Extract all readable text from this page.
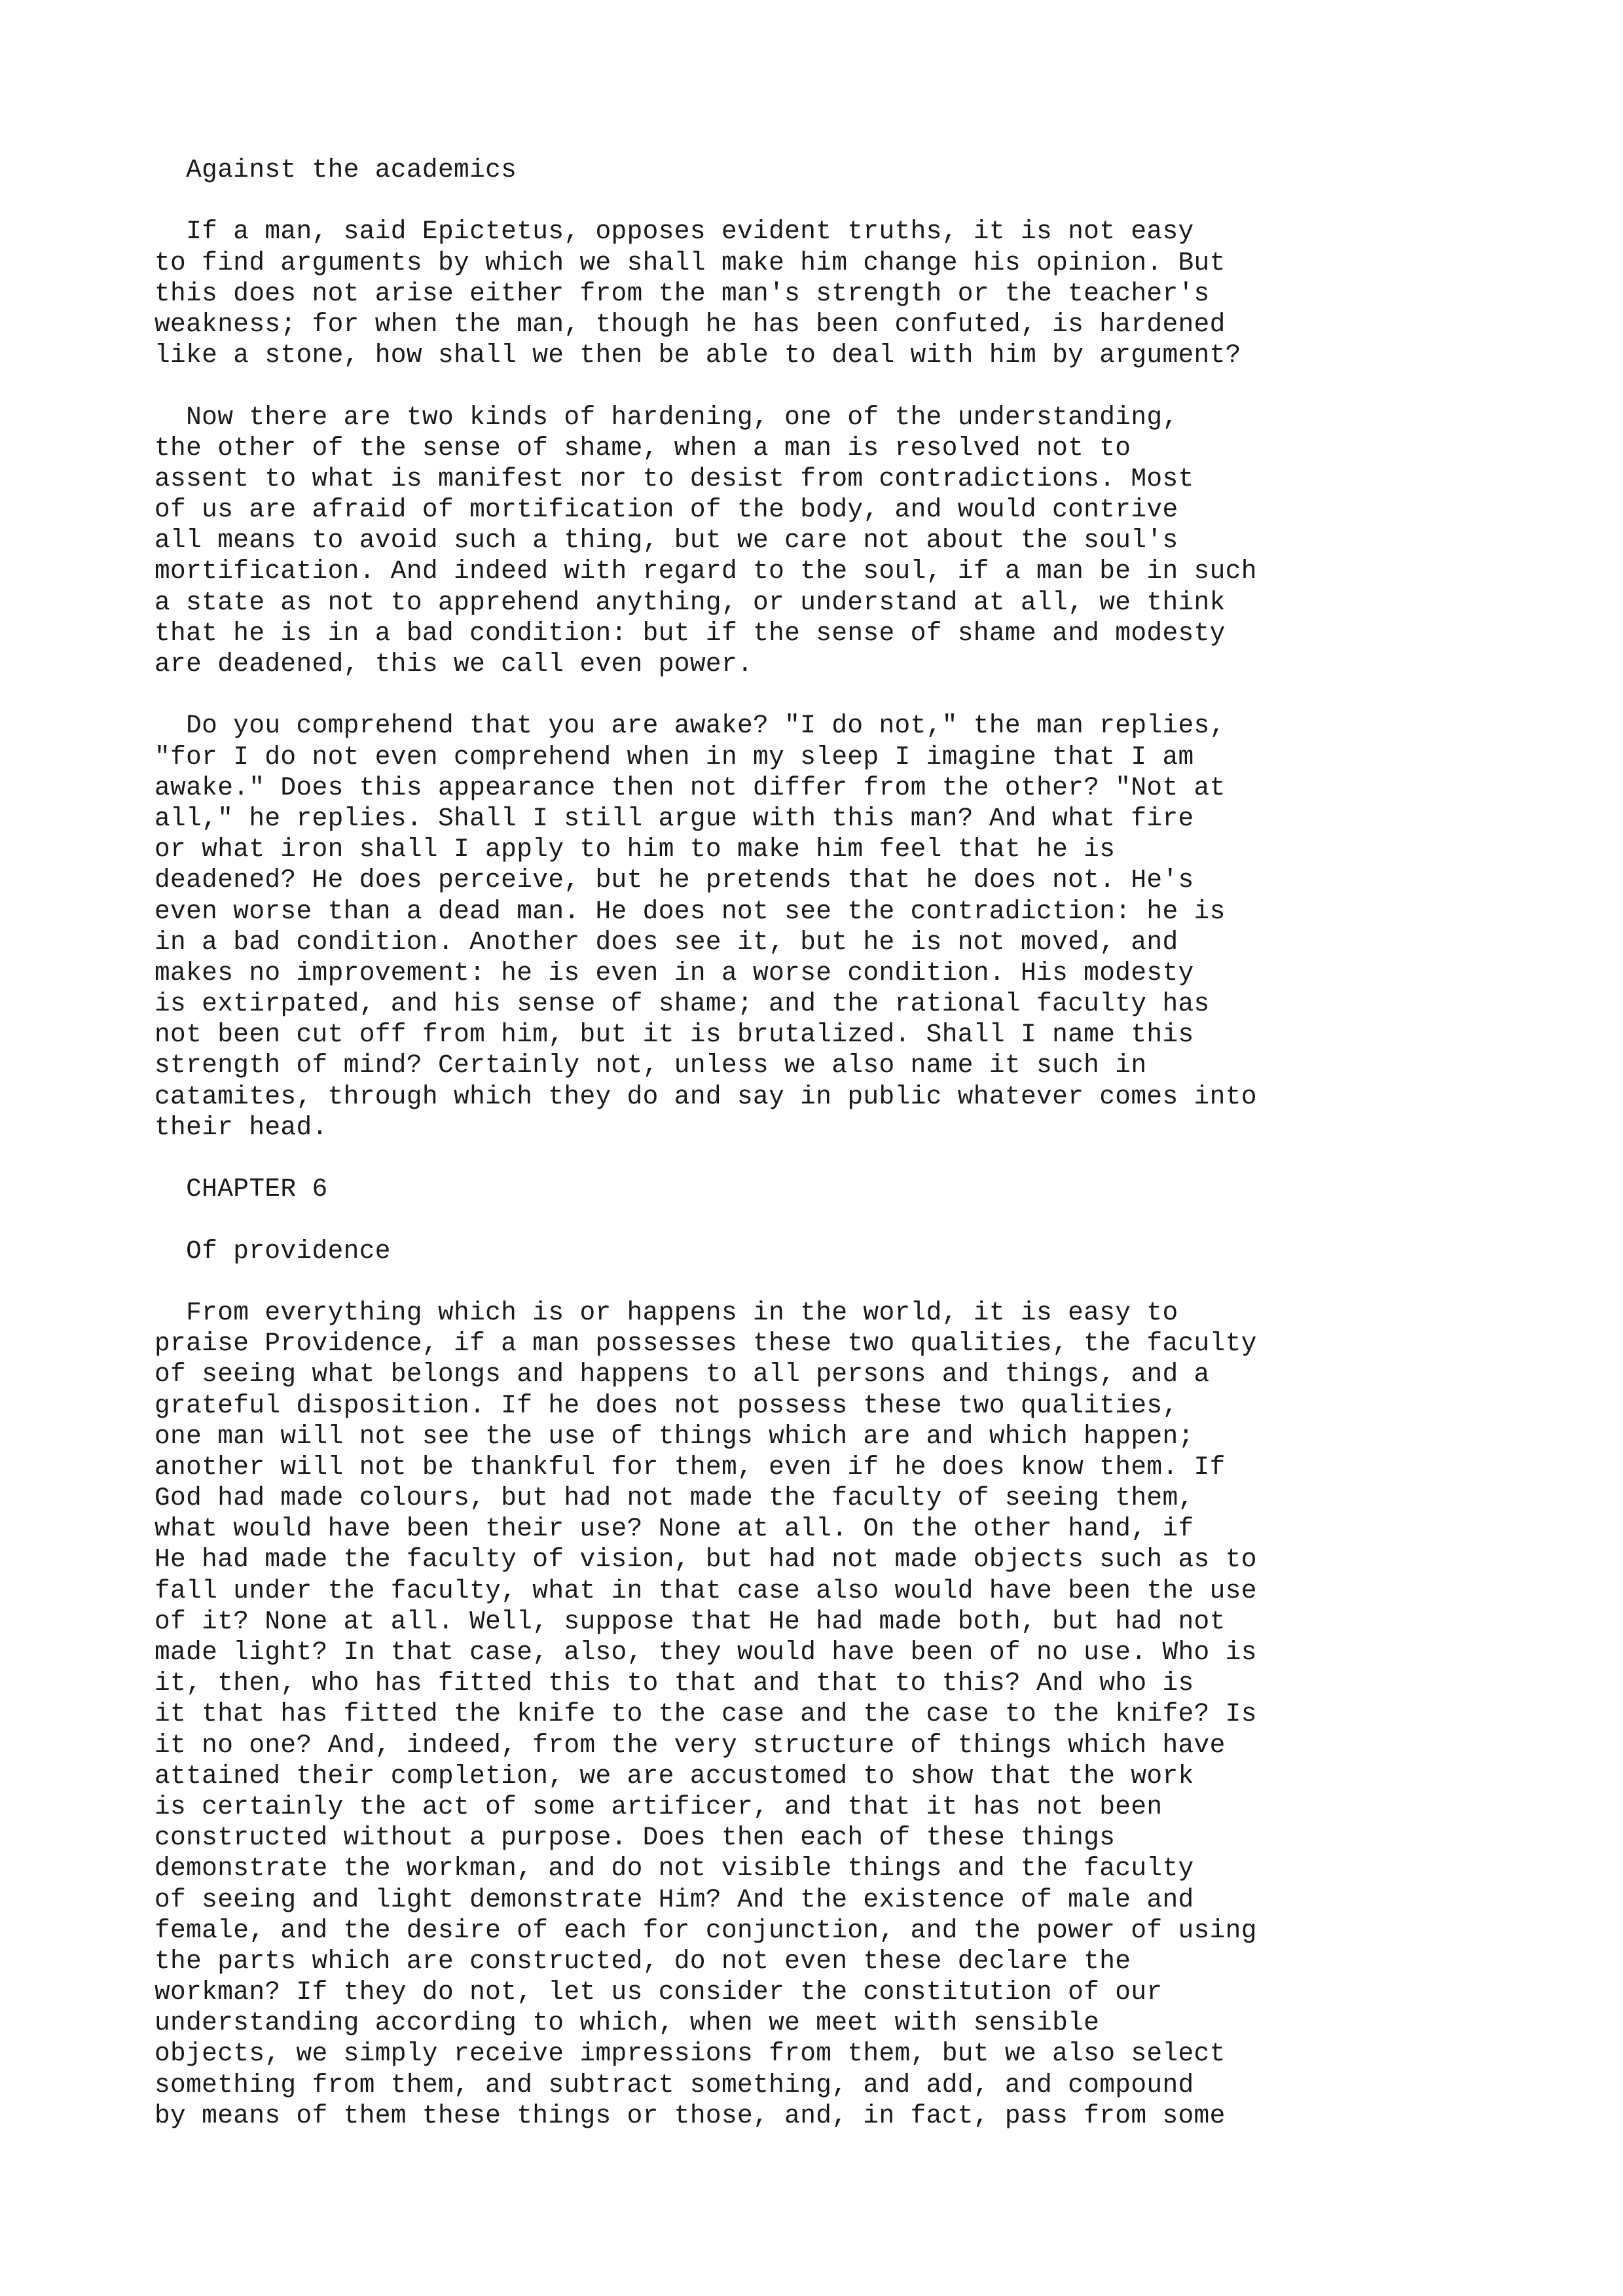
Against the academics
If a man, said Epictetus, opposes evident truths, it is not easy
to find arguments by which we shall make him change his opinion. But
this does not arise either from the man's strength or the teacher's
weakness; for when the man, though he has been confuted, is hardened
like a stone, how shall we then be able to deal with him by argument?
Now there are two kinds of hardening, one of the understanding,
the other of the sense of shame, when a man is resolved not to
assent to what is manifest nor to desist from contradictions. Most
of us are afraid of mortification of the body, and would contrive
all means to avoid such a thing, but we care not about the soul's
mortification. And indeed with regard to the soul, if a man be in such
a state as not to apprehend anything, or understand at all, we think
that he is in a bad condition: but if the sense of shame and modesty
are deadened, this we call even power.
Do you comprehend that you are awake? "I do not," the man replies,
"for I do not even comprehend when in my sleep I imagine that I am
awake." Does this appearance then not differ from the other? "Not at
all," he replies. Shall I still argue with this man? And what fire
or what iron shall I apply to him to make him feel that he is
deadened? He does perceive, but he pretends that he does not. He's
even worse than a dead man. He does not see the contradiction: he is
in a bad condition. Another does see it, but he is not moved, and
makes no improvement: he is even in a worse condition. His modesty
is extirpated, and his sense of shame; and the rational faculty has
not been cut off from him, but it is brutalized. Shall I name this
strength of mind? Certainly not, unless we also name it such in
catamites, through which they do and say in public whatever comes into
their head.
CHAPTER 6
Of providence
From everything which is or happens in the world, it is easy to
praise Providence, if a man possesses these two qualities, the faculty
of seeing what belongs and happens to all persons and things, and a
grateful disposition. If he does not possess these two qualities,
one man will not see the use of things which are and which happen;
another will not be thankful for them, even if he does know them. If
God had made colours, but had not made the faculty of seeing them,
what would have been their use? None at all. On the other hand, if
He had made the faculty of vision, but had not made objects such as to
fall under the faculty, what in that case also would have been the use
of it? None at all. Well, suppose that He had made both, but had not
made light? In that case, also, they would have been of no use. Who is
it, then, who has fitted this to that and that to this? And who is
it that has fitted the knife to the case and the case to the knife? Is
it no one? And, indeed, from the very structure of things which have
attained their completion, we are accustomed to show that the work
is certainly the act of some artificer, and that it has not been
constructed without a purpose. Does then each of these things
demonstrate the workman, and do not visible things and the faculty
of seeing and light demonstrate Him? And the existence of male and
female, and the desire of each for conjunction, and the power of using
the parts which are constructed, do not even these declare the
workman? If they do not, let us consider the constitution of our
understanding according to which, when we meet with sensible
objects, we simply receive impressions from them, but we also select
something from them, and subtract something, and add, and compound
by means of them these things or those, and, in fact, pass from some
